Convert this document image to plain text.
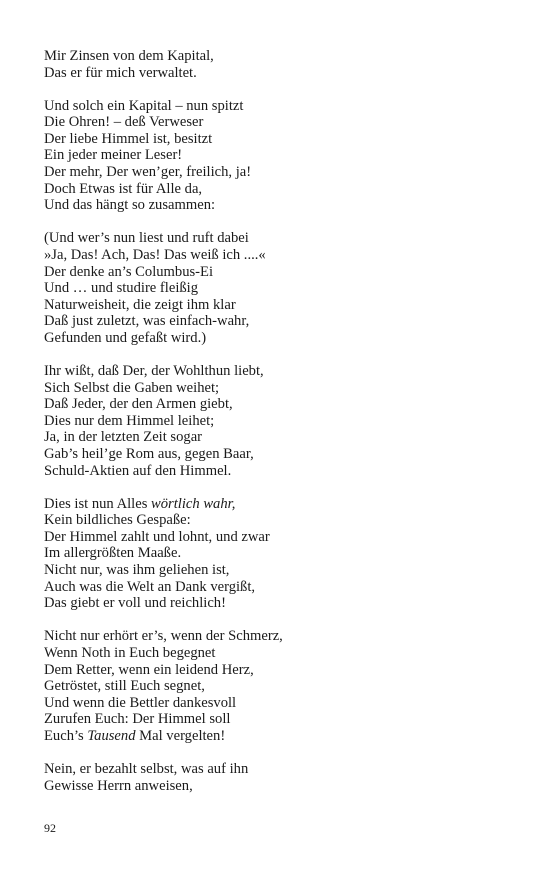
Mir Zinsen von dem Kapital,
Das er für mich verwaltet.
Und solch ein Kapital – nun spitzt
Die Ohren! – deß Verweser
Der liebe Himmel ist, besitzt
Ein jeder meiner Leser!
Der mehr, Der wen’ger, freilich, ja!
Doch Etwas ist für Alle da,
Und das hängt so zusammen:
(Und wer’s nun liest und ruft dabei
»Ja, Das! Ach, Das! Das weiß ich ....«
Der denke an’s Columbus-Ei
Und … und studire fleißig
Naturweisheit, die zeigt ihm klar
Daß just zuletzt, was einfach-wahr,
Gefunden und gefaßt wird.)
Ihr wißt, daß Der, der Wohlthun liebt,
Sich Selbst die Gaben weihet;
Daß Jeder, der den Armen giebt,
Dies nur dem Himmel leihet;
Ja, in der letzten Zeit sogar
Gab’s heil’ge Rom aus, gegen Baar,
Schuld-Aktien auf den Himmel.
Dies ist nun Alles wörtlich wahr,
Kein bildliches Gespaße:
Der Himmel zahlt und lohnt, und zwar
Im allergrößten Maaße.
Nicht nur, was ihm geliehen ist,
Auch was die Welt an Dank vergißt,
Das giebt er voll und reichlich!
Nicht nur erhört er’s, wenn der Schmerz,
Wenn Noth in Euch begegnet
Dem Retter, wenn ein leidend Herz,
Getröstet, still Euch segnet,
Und wenn die Bettler dankesvoll
Zurufen Euch: Der Himmel soll
Euch’s Tausend Mal vergelten!
Nein, er bezahlt selbst, was auf ihn
Gewisse Herrn anweisen,
92
